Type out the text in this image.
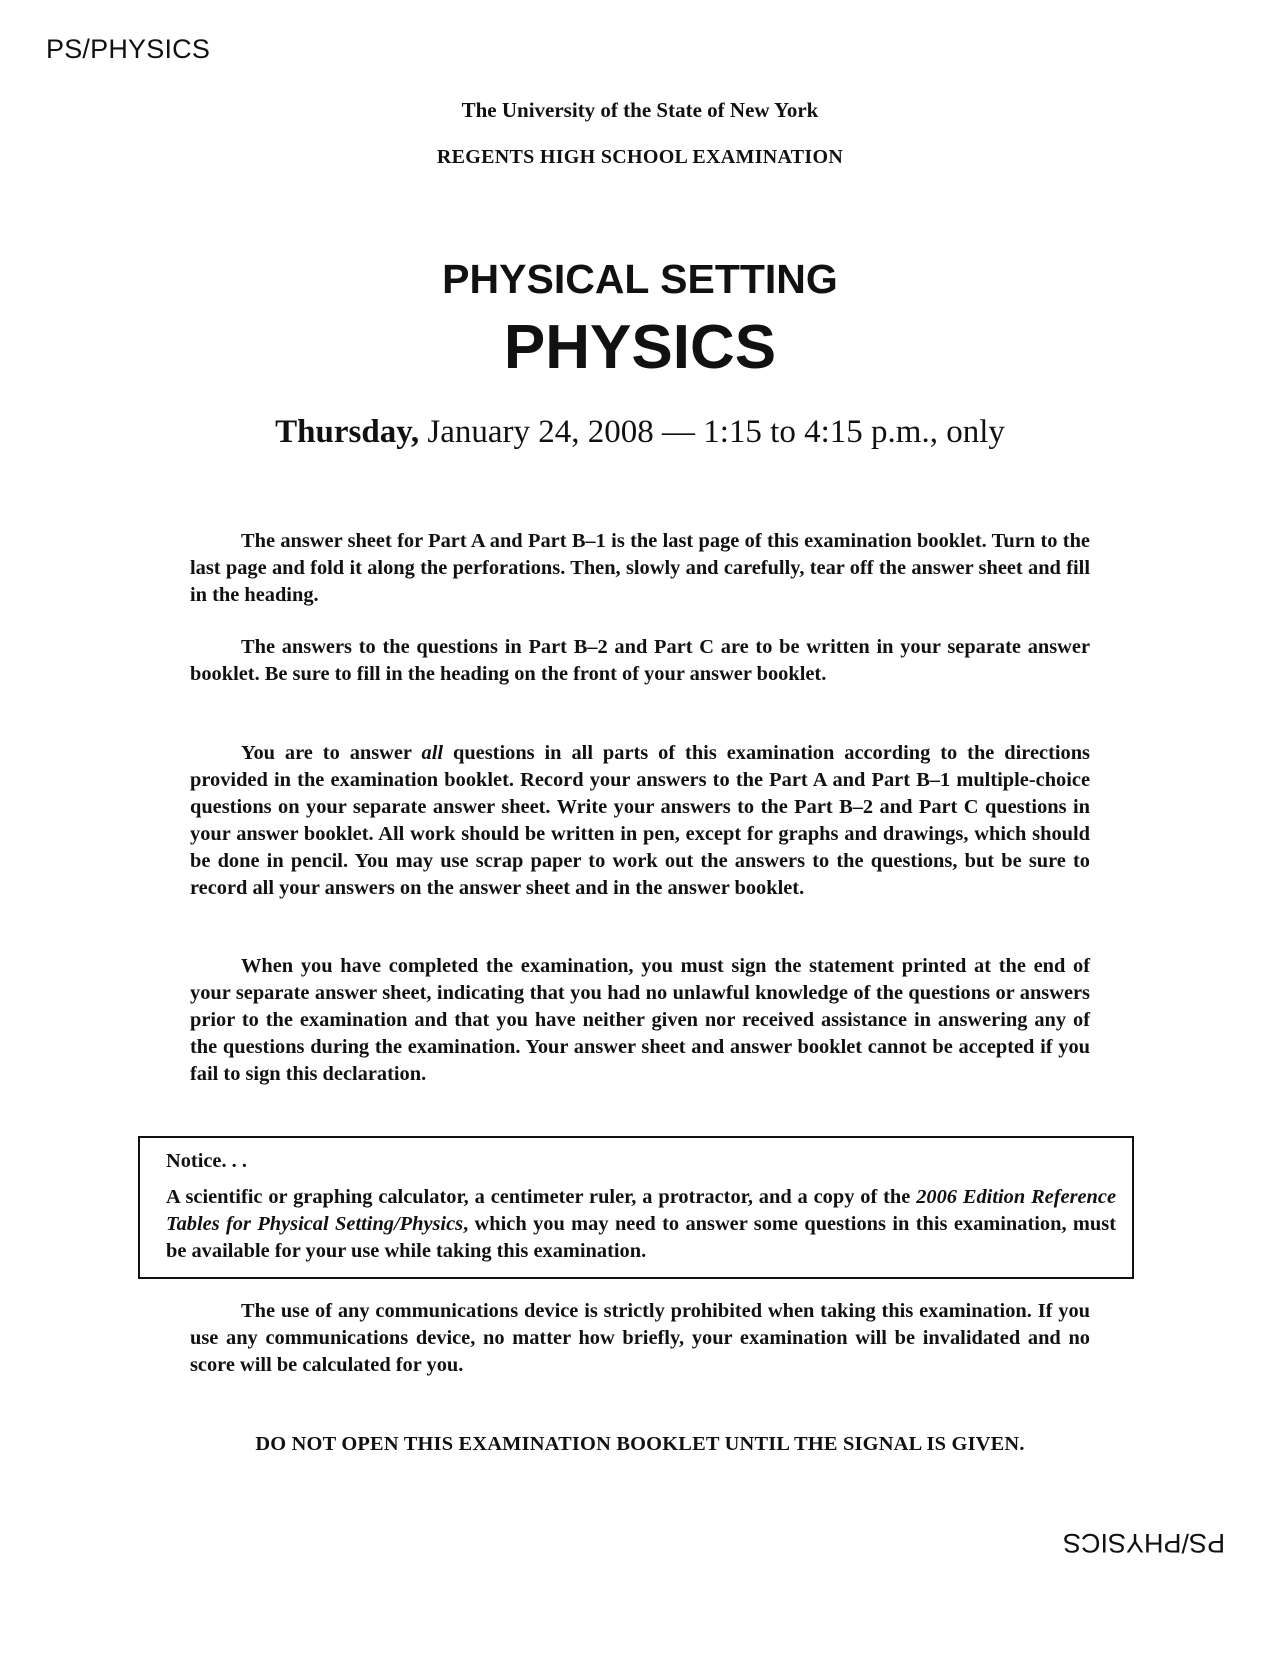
PS/PHYSICS
The University of the State of New York
REGENTS HIGH SCHOOL EXAMINATION
PHYSICAL SETTING
PHYSICS
Thursday, January 24, 2008 — 1:15 to 4:15 p.m., only

The answer sheet for Part A and Part B–1 is the last page of this examination booklet. Turn to the last page and fold it along the perforations. Then, slowly and carefully, tear off the answer sheet and fill in the heading.

The answers to the questions in Part B–2 and Part C are to be written in your separate answer booklet. Be sure to fill in the heading on the front of your answer booklet.

You are to answer all questions in all parts of this examination according to the directions provided in the examination booklet. Record your answers to the Part A and Part B–1 multiple-choice questions on your separate answer sheet. Write your answers to the Part B–2 and Part C questions in your answer booklet. All work should be written in pen, except for graphs and drawings, which should be done in pencil. You may use scrap paper to work out the answers to the questions, but be sure to record all your answers on the answer sheet and in the answer booklet.

When you have completed the examination, you must sign the statement printed at the end of your separate answer sheet, indicating that you had no unlawful knowledge of the questions or answers prior to the examination and that you have neither given nor received assistance in answering any of the questions during the examination. Your answer sheet and answer booklet cannot be accepted if you fail to sign this declaration.

Notice. . .

A scientific or graphing calculator, a centimeter ruler, a protractor, and a copy of the 2006 Edition Reference Tables for Physical Setting/Physics, which you may need to answer some questions in this examination, must be available for your use while taking this examination.

The use of any communications device is strictly prohibited when taking this examination. If you use any communications device, no matter how briefly, your examination will be invalidated and no score will be calculated for you.

DO NOT OPEN THIS EXAMINATION BOOKLET UNTIL THE SIGNAL IS GIVEN.
PS/PHYSICS
